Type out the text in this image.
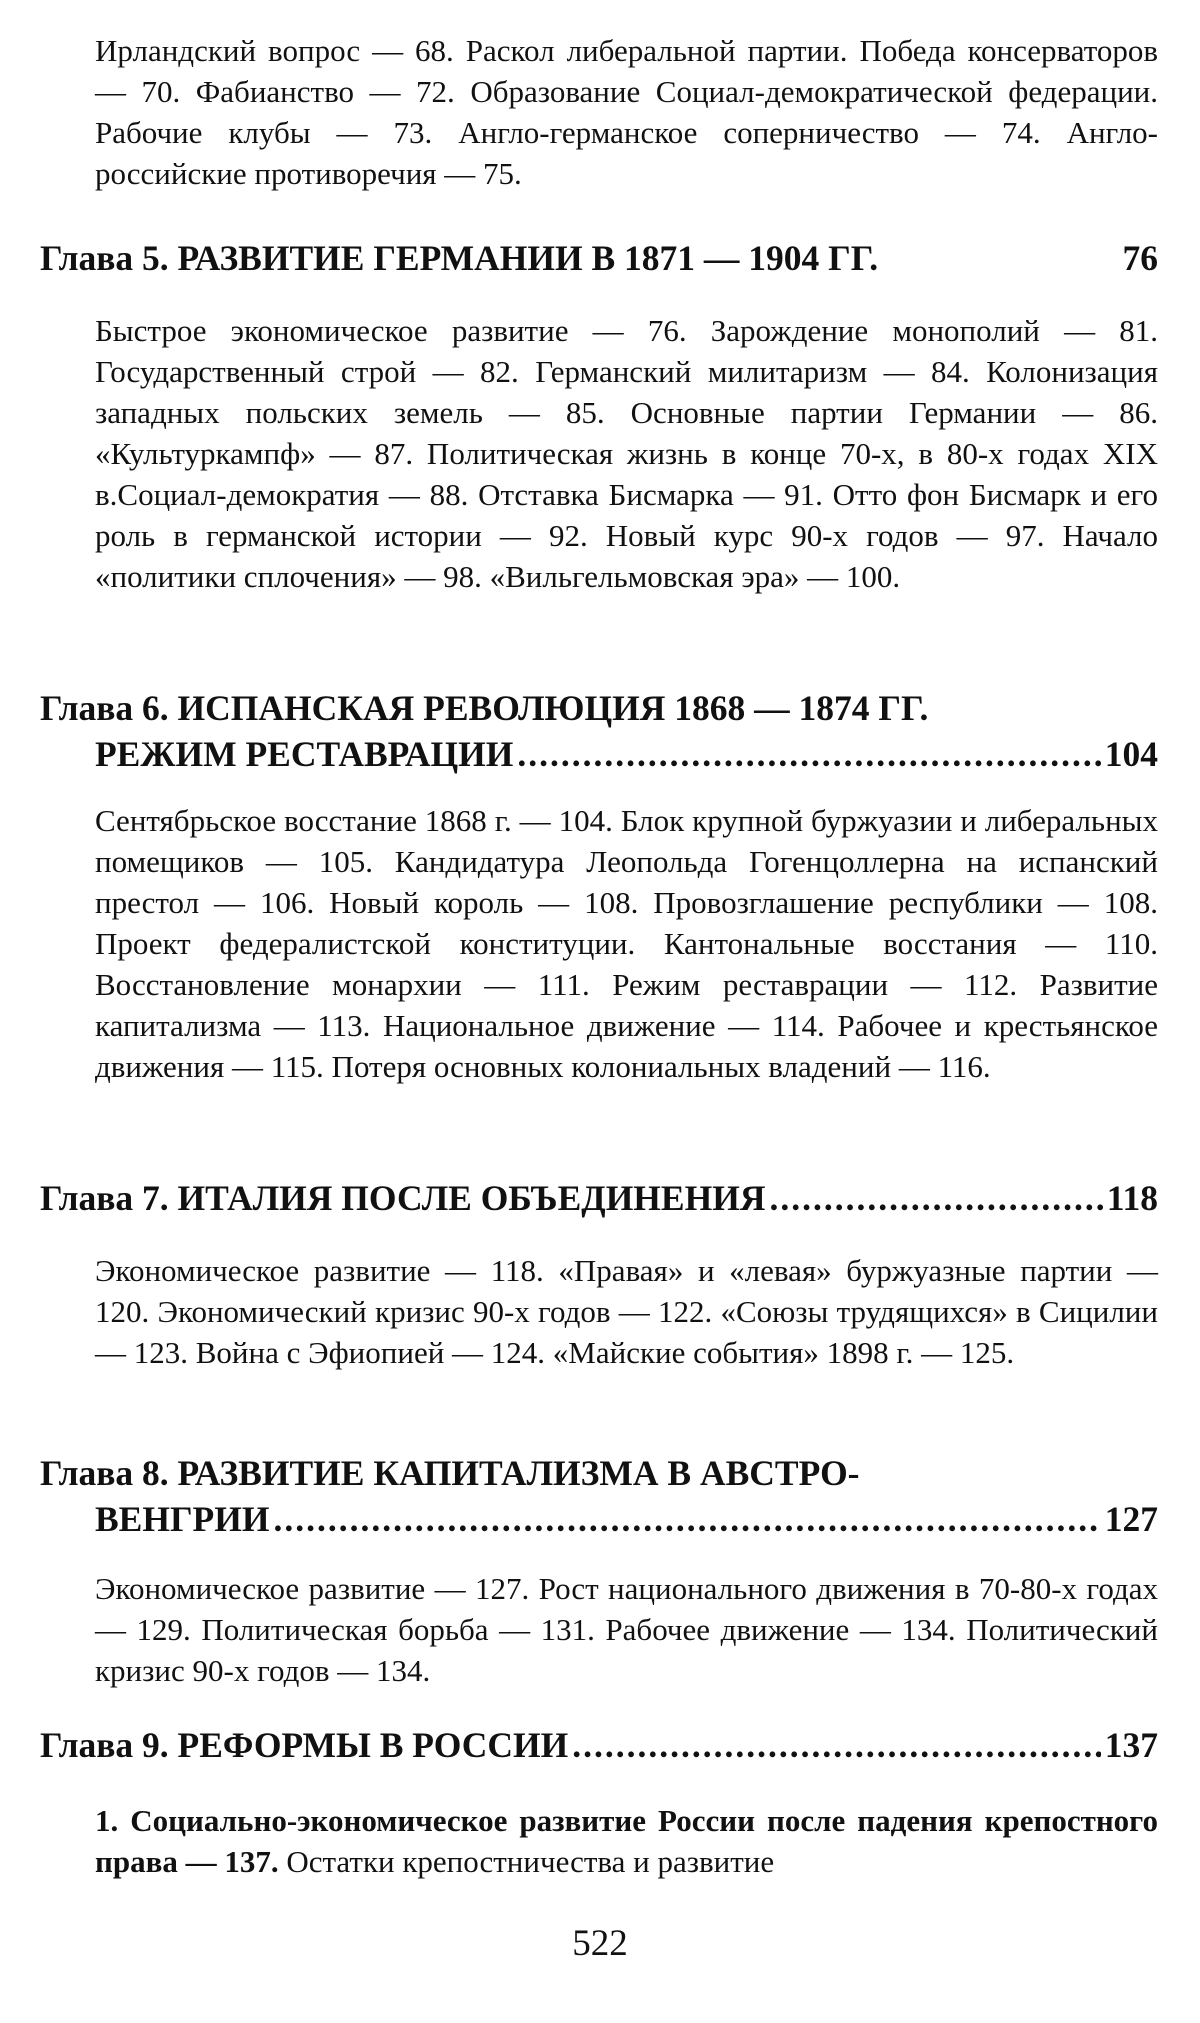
Ирландский вопрос — 68. Раскол либеральной партии. Победа консерваторов — 70. Фабианство — 72. Образование Социал-демократической федерации. Рабочие клубы — 73. Англо-германское соперничество — 74. Англо-российские противоречия — 75.

Глава 5. РАЗВИТИЕ ГЕРМАНИИ В 1871 — 1904 ГГ.	76

Быстрое экономическое развитие — 76. Зарождение монополий — 81. Государственный строй — 82. Германский милитаризм — 84. Колонизация западных польских земель — 85. Основные партии Германии — 86. «Культуркампф» — 87. Политическая жизнь в конце 70-х, в 80-х годах XIX в.Социал-демократия — 88. Отставка Бисмарка — 91. Отто фон Бисмарк и его роль в германской истории — 92. Новый курс 90-х годов — 97. Начало «политики сплочения» — 98. «Вильгельмовская эра» — 100.

Глава 6. ИСПАНСКАЯ РЕВОЛЮЦИЯ 1868 — 1874 ГГ.
РЕЖИМ РЕСТАВРАЦИИ .....	104

Сентябрьское восстание 1868 г. — 104. Блок крупной буржуазии и либеральных помещиков — 105. Кандидатура Леопольда Гогенцоллерна на испанский престол — 106. Новый король — 108. Провозглашение республики — 108. Проект федералистской конституции. Кантональные восстания — 110. Восстановление монархии — 111. Режим реставрации — 112. Развитие капитализма — 113. Национальное движение — 114. Рабочее и крестьянское движения — 115. Потеря основных колониальных владений — 116.

Глава 7. ИТАЛИЯ ПОСЛЕ ОБЪЕДИНЕНИЯ .....	118

Экономическое развитие — 118. «Правая» и «левая» буржуазные партии — 120. Экономический кризис 90-х годов — 122. «Союзы трудящихся» в Сицилии — 123. Война с Эфиопией — 124. «Майские события» 1898 г. — 125.

Глава 8. РАЗВИТИЕ КАПИТАЛИЗМА В АВСТРО-
ВЕНГРИИ .....	127

Экономическое развитие — 127. Рост национального движения в 70-80-х годах — 129. Политическая борьба — 131. Рабочее движение — 134. Политический кризис 90-х годов — 134.

Глава 9. РЕФОРМЫ В РОССИИ .....	137

1. Социально-экономическое развитие России после падения крепостного права — 137. Остатки крепостничества и развитие

522
